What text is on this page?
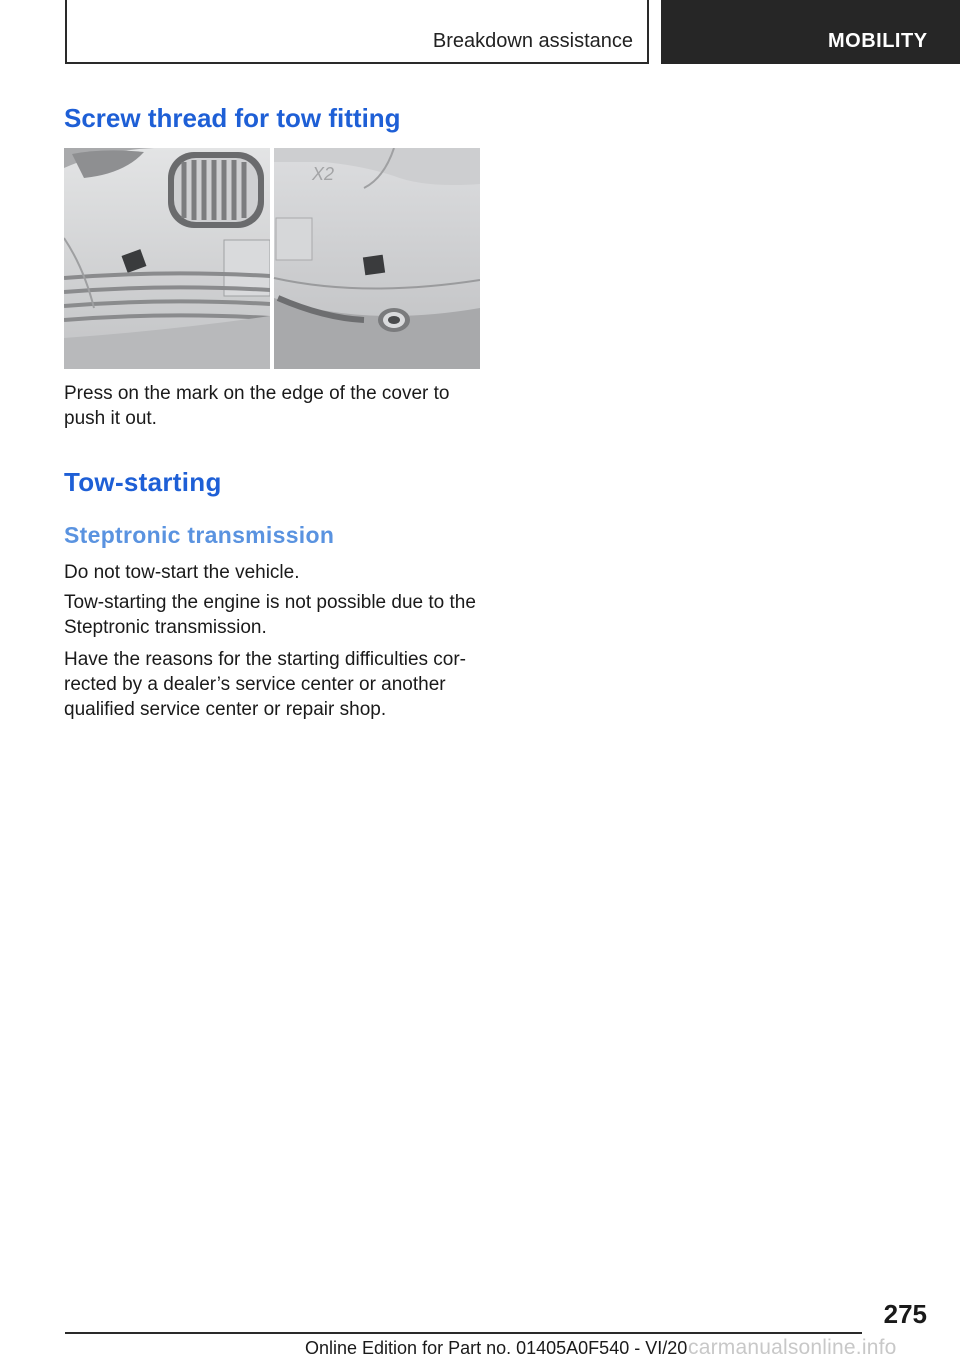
Breakdown assistance	MOBILITY
Screw thread for tow fitting
X2

Press on the mark on the edge of the cover to push it out.

Tow-starting
Steptronic transmission

Do not tow-start the vehicle.

Tow-starting the engine is not possible due to the Steptronic transmission.

Have the reasons for the starting difficulties cor-rected by a dealer’s service center or another qualified service center or repair shop.

275
Online Edition for Part no. 01405A0F540 - VI/20 carmanualsonline.info
